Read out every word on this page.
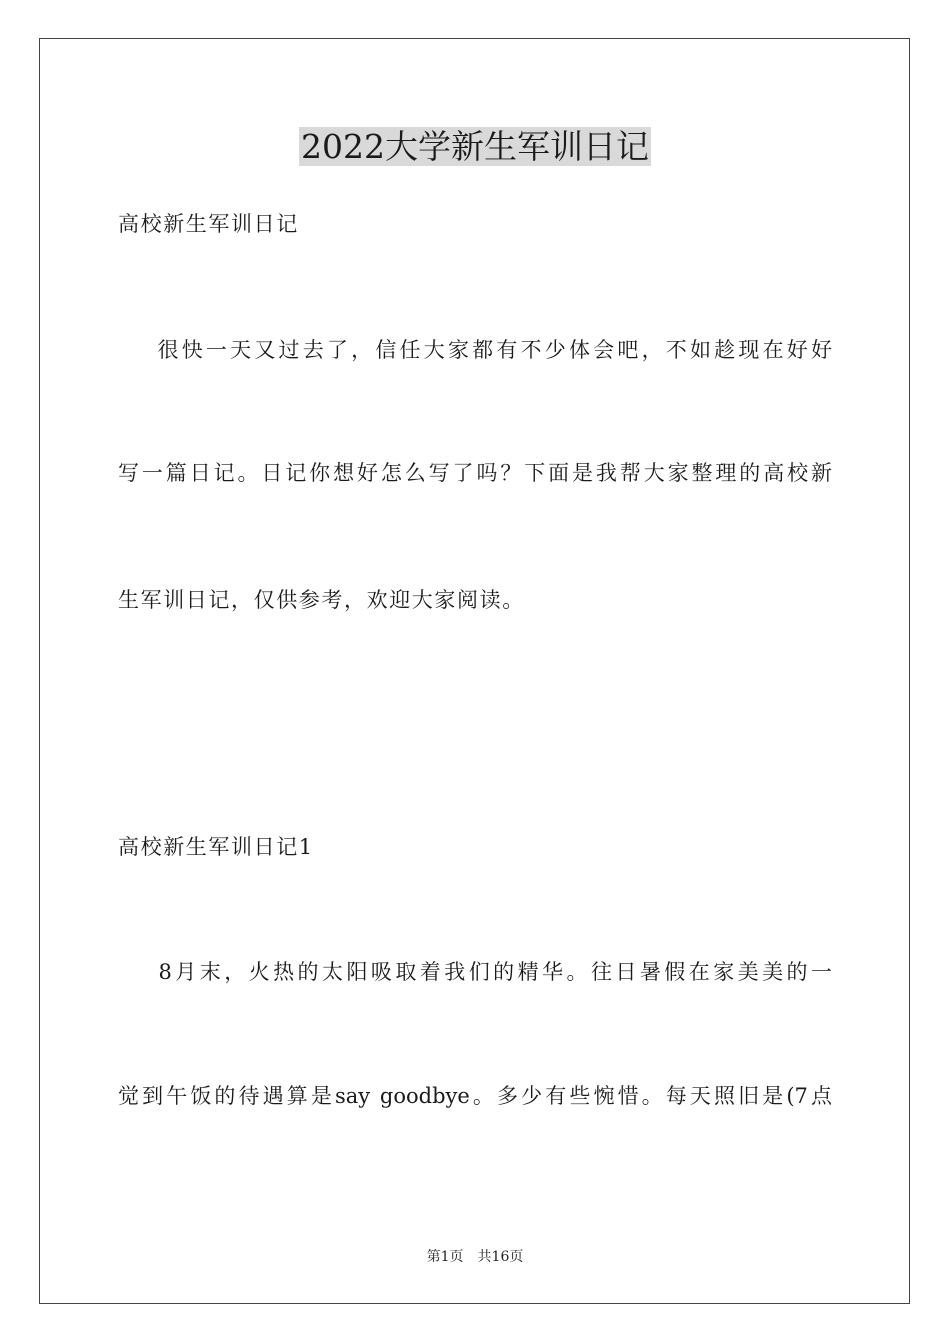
2022大学新生军训日记
高校新生军训日记
很快一天又过去了，信任大家都有不少体会吧，不如趁现在好好
写一篇日记。日记你想好怎么写了吗？下面是我帮大家整理的高校新
生军训日记，仅供参考，欢迎大家阅读。
高校新生军训日记1
8月末，火热的太阳吸取着我们的精华。往日暑假在家美美的一
觉到午饭的待遇算是say goodbye。多少有些惋惜。每天照旧是(7点
第1页 共16页
